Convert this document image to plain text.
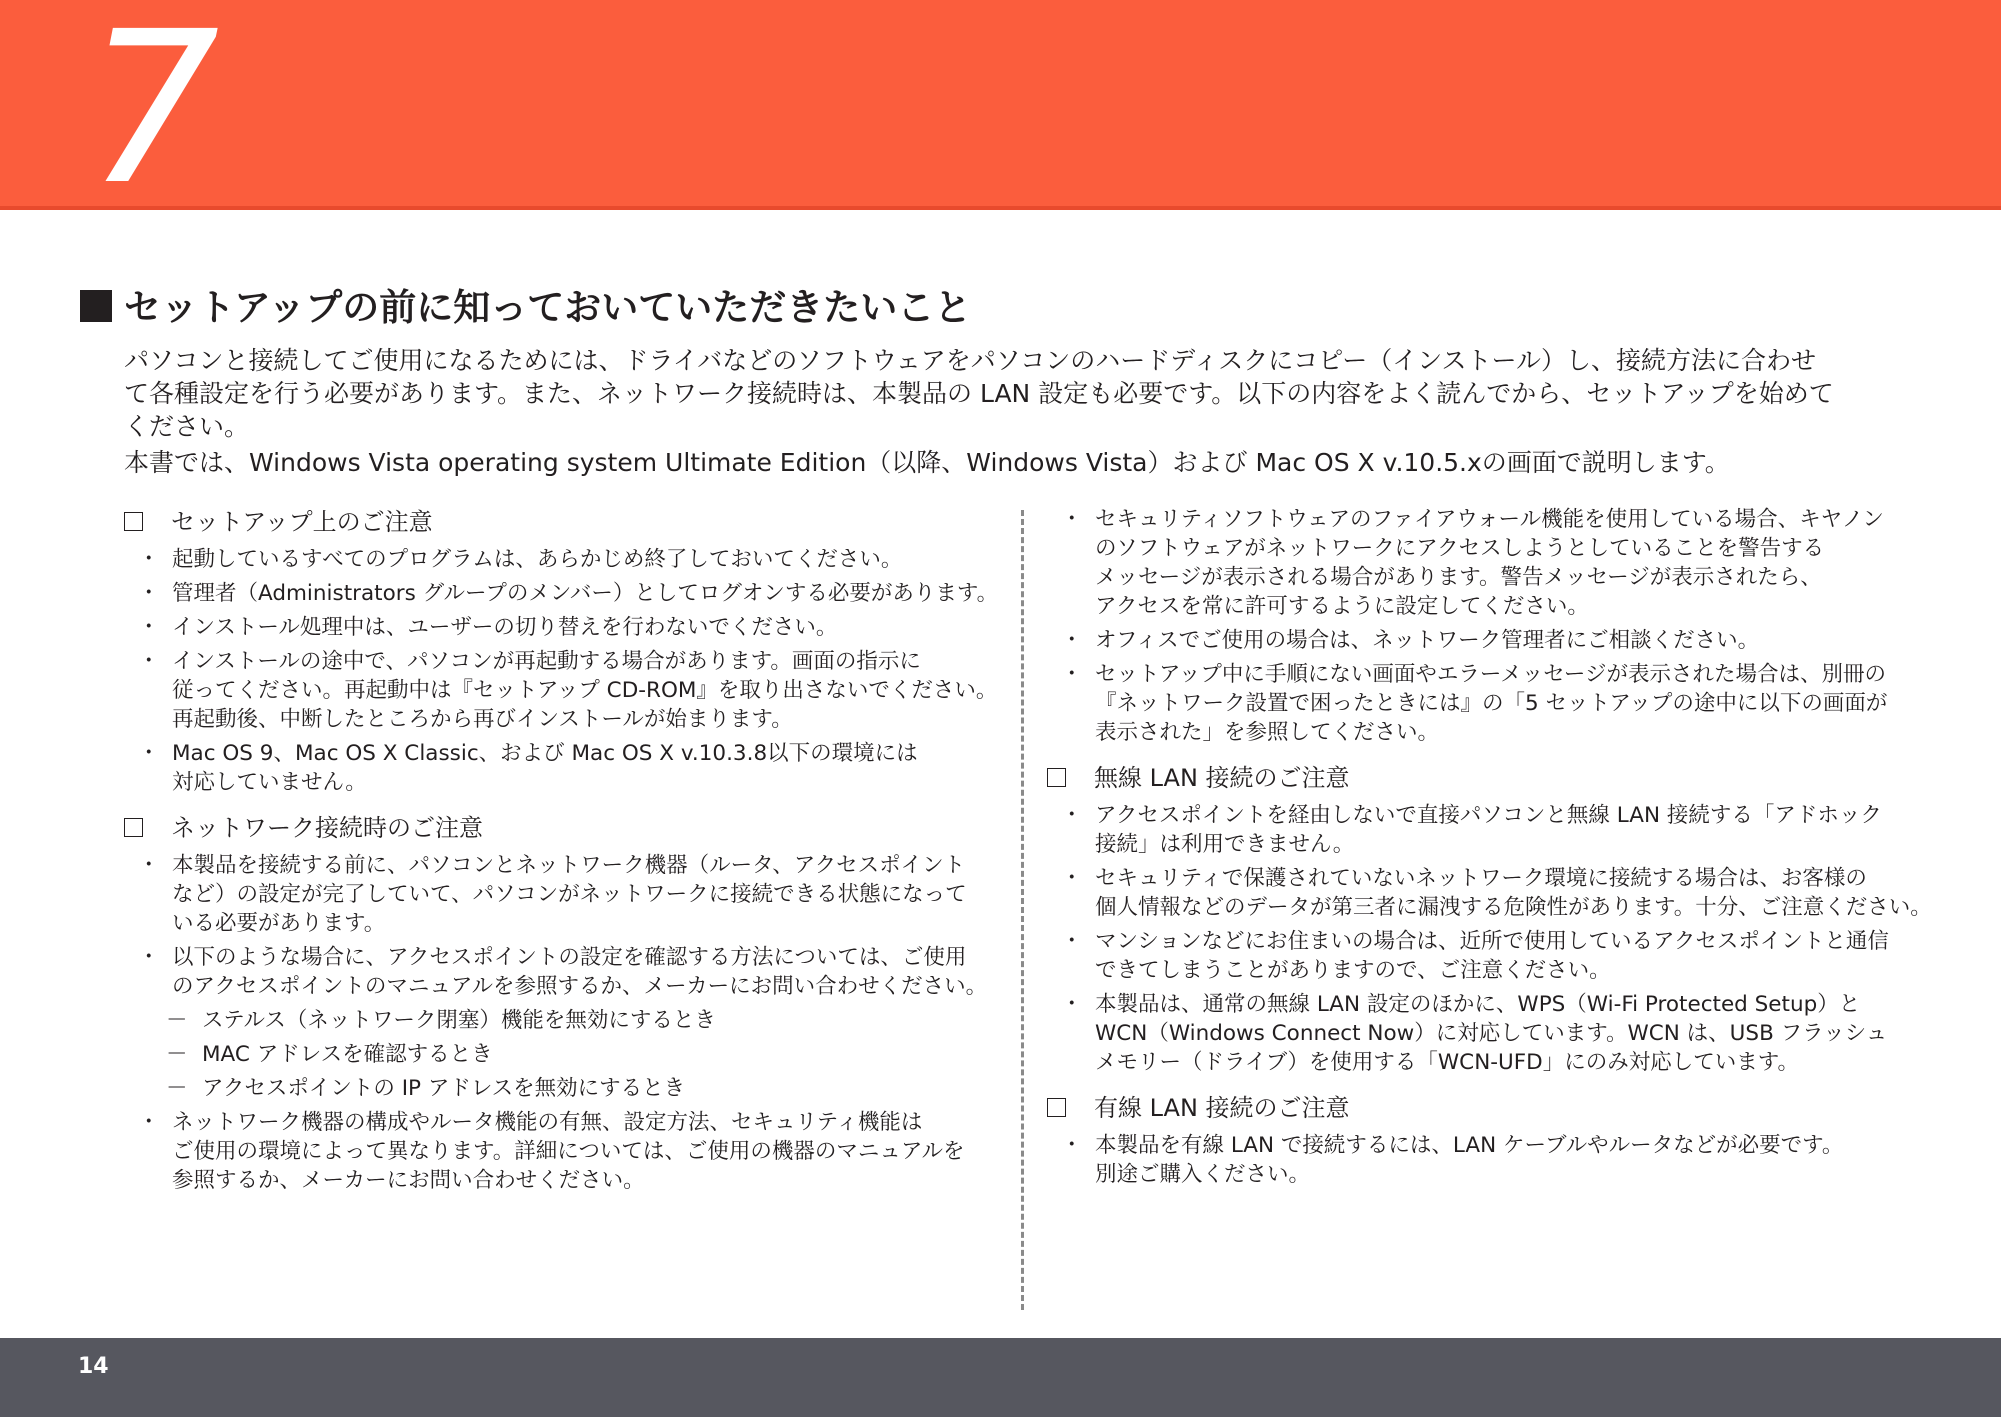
7
セットアップの前に知っておいていただきたいこと

パソコンと接続してご使用になるためには、ドライバなどのソフトウェアをパソコンのハードディスクにコピー（インストール）し、接続方法に合わせ

て各種設定を行う必要があります。また、ネットワーク接続時は、本製品の LAN 設定も必要です。以下の内容をよく読んでから、セットアップを始めて

ください。

本書では、Windows Vista operating system Ultimate Edition（以降、Windows Vista）および Mac OS X v.10.5.xの画面で説明します。

セットアップ上のご注意
・ 起動しているすべてのプログラムは、あらかじめ終了しておいてください。
・ 管理者（Administrators グループのメンバー）としてログオンする必要があります。
・ インストール処理中は、ユーザーの切り替えを行わないでください。
・ インストールの途中で、パソコンが再起動する場合があります。画面の指示に
従ってください。再起動中は『セットアップ CD-ROM』を取り出さないでください。
再起動後、中断したところから再びインストールが始まります。
・ Mac OS 9、Mac OS X Classic、および Mac OS X v.10.3.8以下の環境には
対応していません。
ネットワーク接続時のご注意
・ 本製品を接続する前に、パソコンとネットワーク機器（ルータ、アクセスポイント
など）の設定が完了していて、パソコンがネットワークに接続できる状態になって
いる必要があります。
・ 以下のような場合に、アクセスポイントの設定を確認する方法については、ご使用
のアクセスポイントのマニュアルを参照するか、メーカーにお問い合わせください。
－ ステルス（ネットワーク閉塞）機能を無効にするとき
－ MAC アドレスを確認するとき
－ アクセスポイントの IP アドレスを無効にするとき
・ ネットワーク機器の構成やルータ機能の有無、設定方法、セキュリティ機能は
ご使用の環境によって異なります。詳細については、ご使用の機器のマニュアルを
参照するか、メーカーにお問い合わせください。
・ セキュリティソフトウェアのファイアウォール機能を使用している場合、キヤノン
のソフトウェアがネットワークにアクセスしようとしていることを警告する
メッセージが表示される場合があります。警告メッセージが表示されたら、
アクセスを常に許可するように設定してください。
・ オフィスでご使用の場合は、ネットワーク管理者にご相談ください。
・ セットアップ中に手順にない画面やエラーメッセージが表示された場合は、別冊の
『ネットワーク設置で困ったときには』の「5 セットアップの途中に以下の画面が
表示された」を参照してください。
無線 LAN 接続のご注意
・ アクセスポイントを経由しないで直接パソコンと無線 LAN 接続する「アドホック
接続」は利用できません。
・ セキュリティで保護されていないネットワーク環境に接続する場合は、お客様の
個人情報などのデータが第三者に漏洩する危険性があります。十分、ご注意ください。
・ マンションなどにお住まいの場合は、近所で使用しているアクセスポイントと通信
できてしまうことがありますので、ご注意ください。
・ 本製品は、通常の無線 LAN 設定のほかに、WPS（Wi-Fi Protected Setup）と
WCN（Windows Connect Now）に対応しています。WCN は、USB フラッシュ
メモリー（ドライブ）を使用する「WCN-UFD」にのみ対応しています。
有線 LAN 接続のご注意
・ 本製品を有線 LAN で接続するには、LAN ケーブルやルータなどが必要です。
別途ご購入ください。
14
